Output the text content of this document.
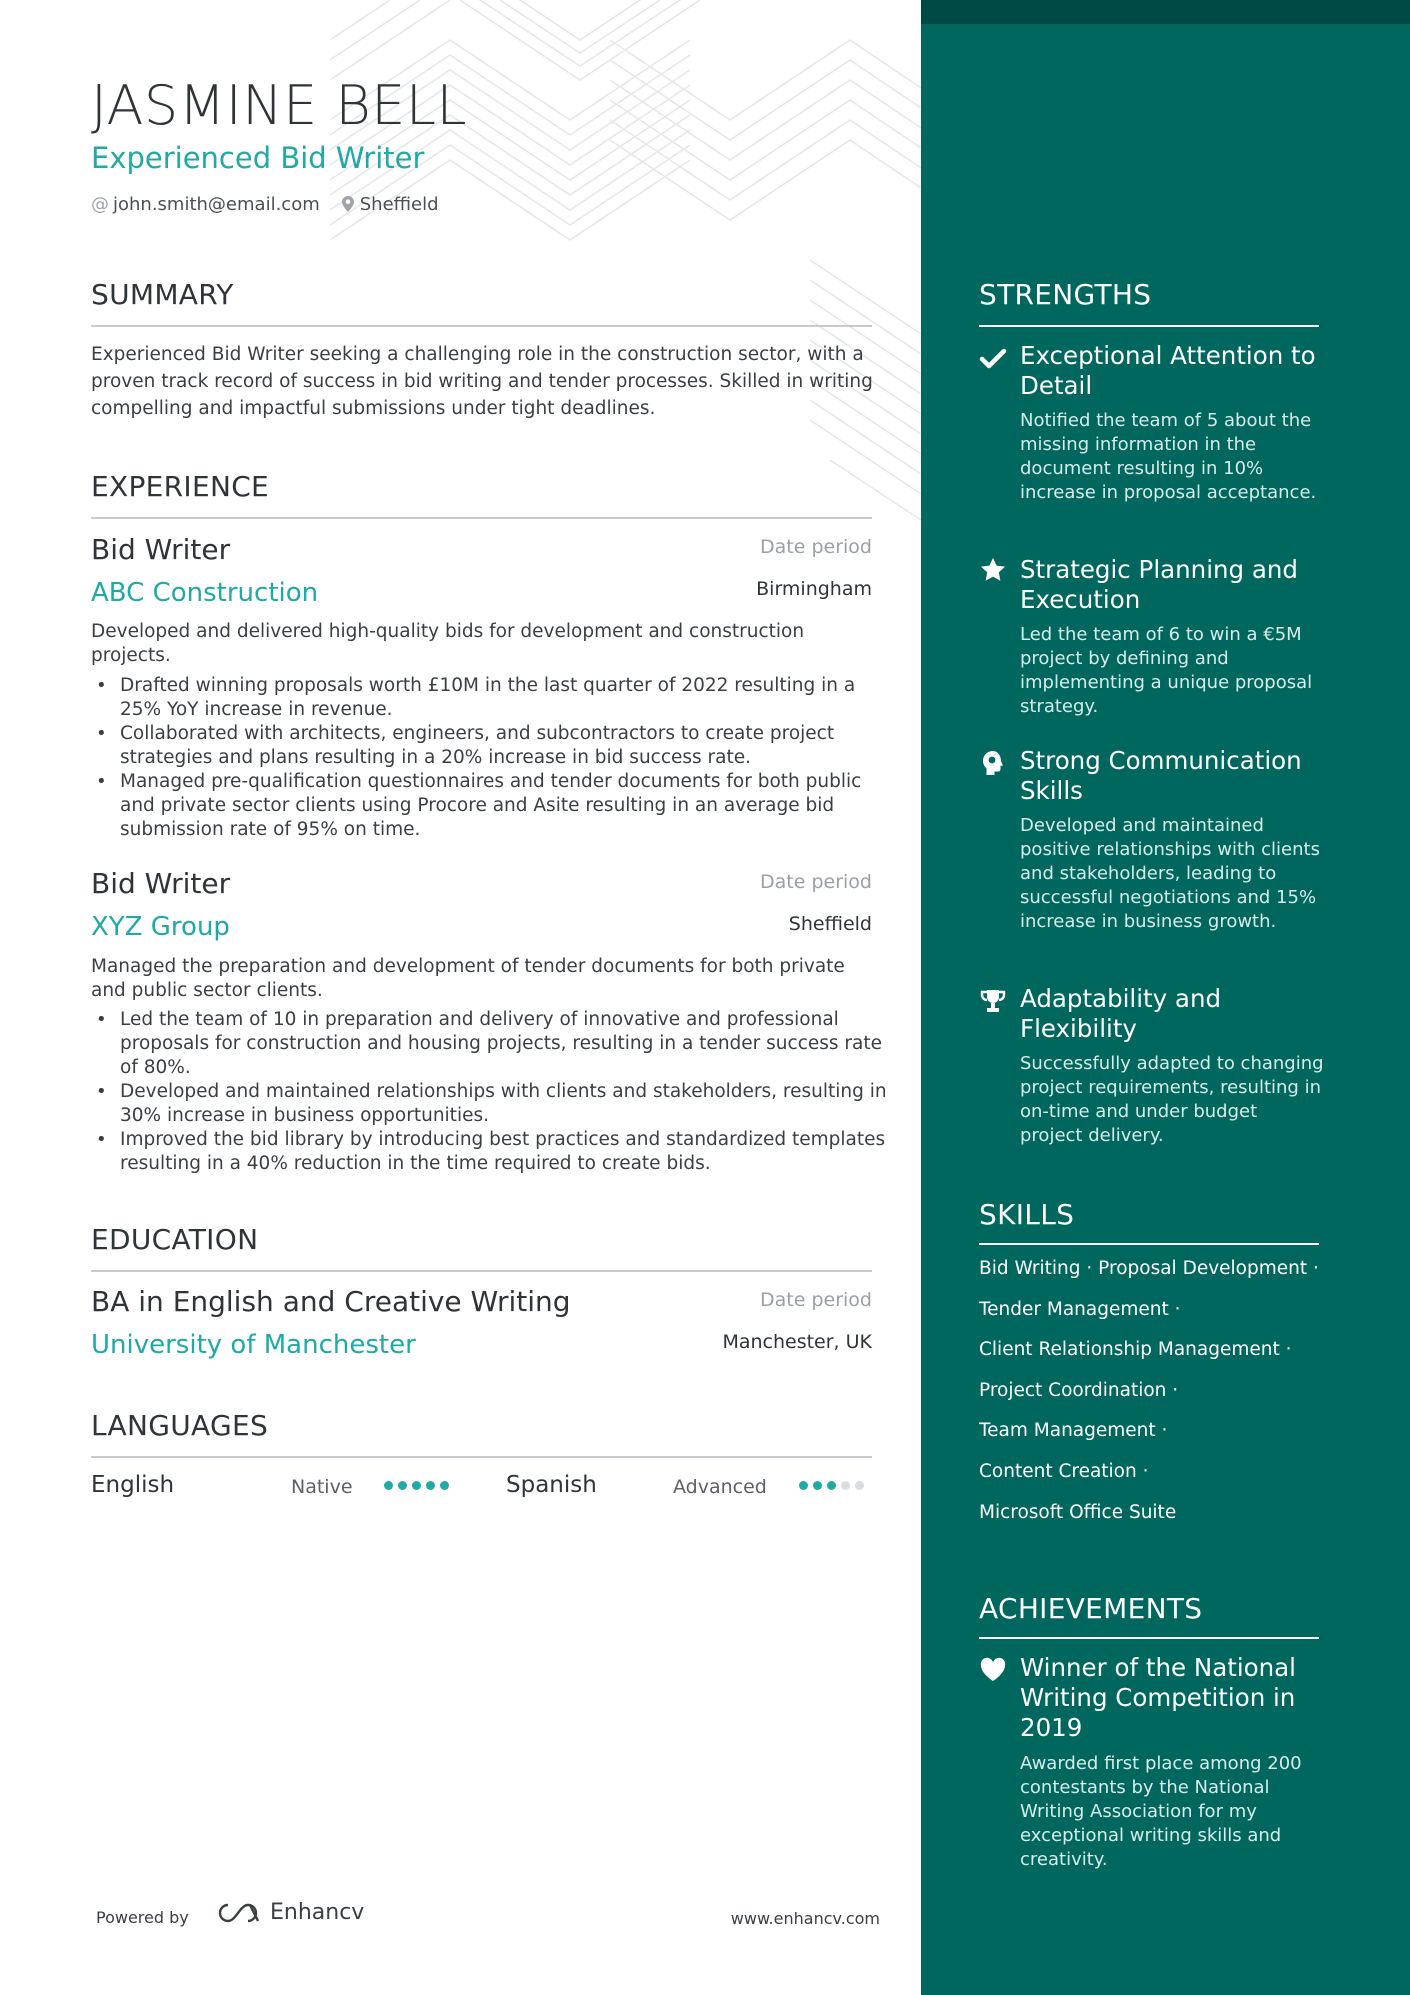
JASMINE BELL
Experienced Bid Writer
@ john.smith@email.com	Sheffield
SUMMARY
Experienced Bid Writer seeking a challenging role in the construction sector, with a proven track record of success in bid writing and tender processes. Skilled in writing compelling and impactful submissions under tight deadlines.
EXPERIENCE
Bid Writer	Date period
ABC Construction	Birmingham
Developed and delivered high-quality bids for development and construction projects.
• Drafted winning proposals worth £10M in the last quarter of 2022 resulting in a 25% YoY increase in revenue.
• Collaborated with architects, engineers, and subcontractors to create project strategies and plans resulting in a 20% increase in bid success rate.
• Managed pre-qualification questionnaires and tender documents for both public and private sector clients using Procore and Asite resulting in an average bid submission rate of 95% on time.
Bid Writer	Date period
XYZ Group	Sheffield
Managed the preparation and development of tender documents for both private and public sector clients.
• Led the team of 10 in preparation and delivery of innovative and professional proposals for construction and housing projects, resulting in a tender success rate of 80%.
• Developed and maintained relationships with clients and stakeholders, resulting in 30% increase in business opportunities.
• Improved the bid library by introducing best practices and standardized templates resulting in a 40% reduction in the time required to create bids.
EDUCATION
BA in English and Creative Writing	Date period
University of Manchester	Manchester, UK
LANGUAGES
English	Native	Spanish	Advanced
Powered by	Enhancv	www.enhancv.com
STRENGTHS
Exceptional Attention to Detail
Notified the team of 5 about the missing information in the document resulting in 10% increase in proposal acceptance.
Strategic Planning and Execution
Led the team of 6 to win a €5M project by defining and implementing a unique proposal strategy.
Strong Communication Skills
Developed and maintained positive relationships with clients and stakeholders, leading to successful negotiations and 15% increase in business growth.
Adaptability and Flexibility
Successfully adapted to changing project requirements, resulting in on-time and under budget project delivery.
SKILLS
Bid Writing · Proposal Development ·
Tender Management ·
Client Relationship Management ·
Project Coordination ·
Team Management ·
Content Creation ·
Microsoft Office Suite
ACHIEVEMENTS
Winner of the National Writing Competition in 2019
Awarded first place among 200 contestants by the National Writing Association for my exceptional writing skills and creativity.
